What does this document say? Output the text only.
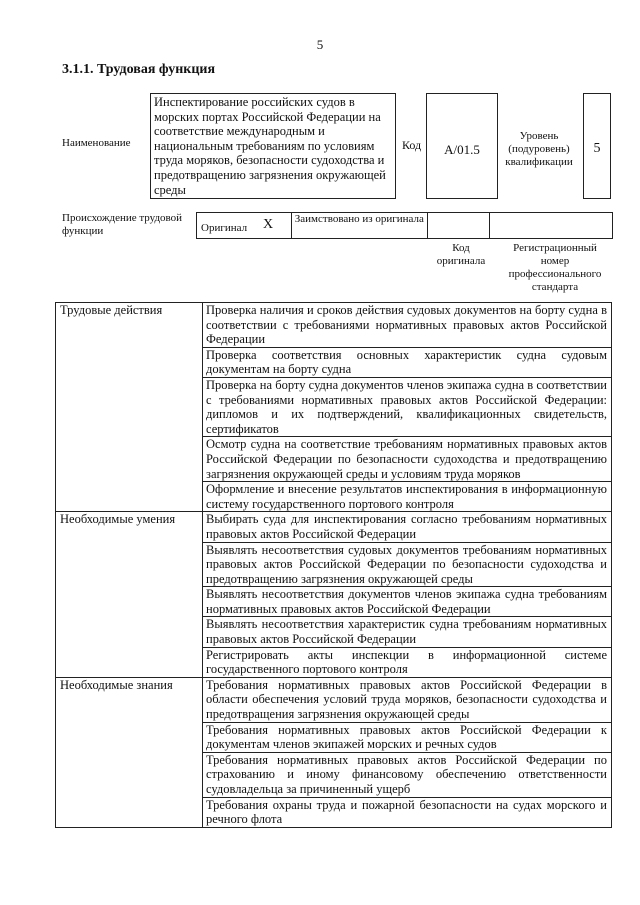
5
3.1.1. Трудовая функция
Наименование
Инспектирование российских судов в морских портах Российской Федерации на соответствие международным и национальным требованиям по условиям труда моряков, безопасности судоходства и предотвращению загрязнения окружающей среды
Код	A/01.5
Уровень (подуровень) квалификации
5
Происхождение трудовой функции	Оригинал X	Заимствовано из оригинала
Код оригинала
Регистрационный номер профессионального стандарта
Трудовые действия	Проверка наличия и сроков действия судовых документов на борту судна в соответствии с требованиями нормативных правовых актов Российской Федерации
	Проверка соответствия основных характеристик судна судовым документам на борту судна
	Проверка на борту судна документов членов экипажа судна в соответствии с требованиями нормативных правовых актов Российской Федерации: дипломов и их подтверждений, квалификационных свидетельств, сертификатов
	Осмотр судна на соответствие требованиям нормативных правовых актов Российской Федерации по безопасности судоходства и предотвращению загрязнения окружающей среды и условиям труда моряков
	Оформление и внесение результатов инспектирования в информационную систему государственного портового контроля
Необходимые умения	Выбирать суда для инспектирования согласно требованиям нормативных правовых актов Российской Федерации
	Выявлять несоответствия судовых документов требованиям нормативных правовых актов Российской Федерации по безопасности судоходства и предотвращению загрязнения окружающей среды
	Выявлять несоответствия документов членов экипажа судна требованиям нормативных правовых актов Российской Федерации
	Выявлять несоответствия характеристик судна требованиям нормативных правовых актов Российской Федерации
	Регистрировать акты инспекции в информационной системе государственного портового контроля
Необходимые знания	Требования нормативных правовых актов Российской Федерации в области обеспечения условий труда моряков, безопасности судоходства и предотвращения загрязнения окружающей среды
	Требования нормативных правовых актов Российской Федерации к документам членов экипажей морских и речных судов
	Требования нормативных правовых актов Российской Федерации по страхованию и иному финансовому обеспечению ответственности судовладельца за причиненный ущерб
	Требования охраны труда и пожарной безопасности на судах морского и речного флота
